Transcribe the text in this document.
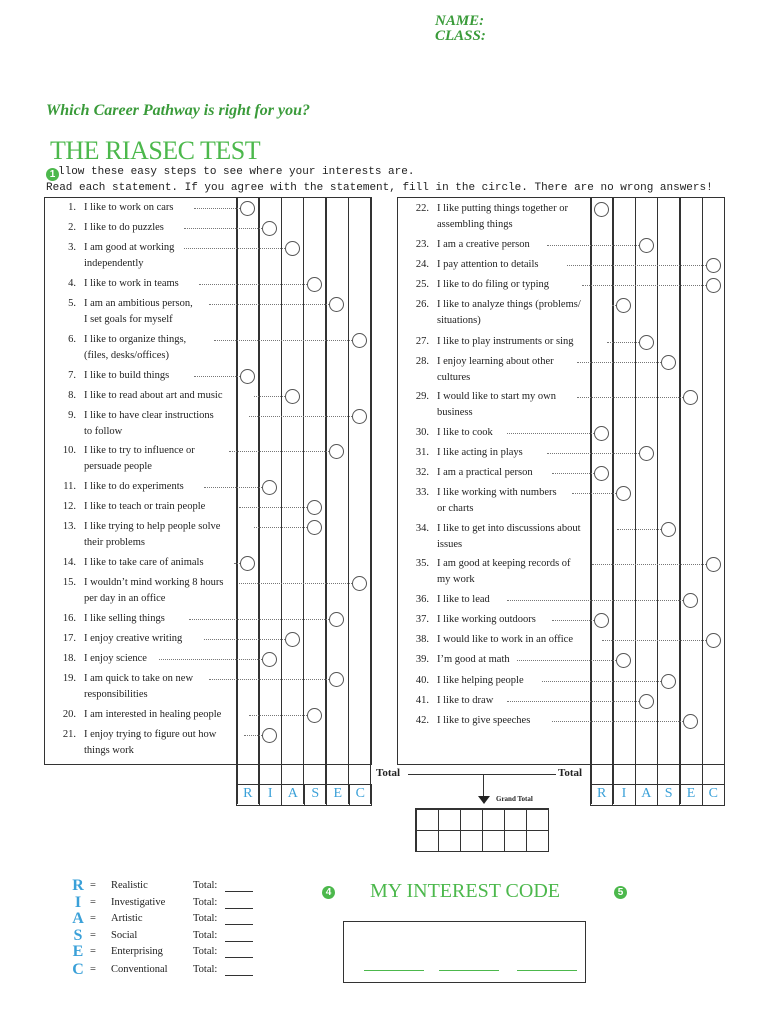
NAME:
CLASS:
Which Career Pathway is right for you?
THE RIASEC TEST
1 llow these easy steps to see where your interests are.
Read each statement. If you agree with the statement, fill in the circle. There are no wrong answers!
1. I like to work on cars
2. I like to do puzzles
3. I am good at working
independently
4. I like to work in teams
5. I am an ambitious person,
I set goals for myself
6. I like to organize things,
(files, desks/offices)
7. I like to build things
8. I like to read about art and music
9. I like to have clear instructions
to follow
10. I like to try to influence or
persuade people
11. I like to do experiments
12. I like to teach or train people
13. I like trying to help people solve
their problems
14. I like to take care of animals
15. I wouldn’t mind working 8 hours
per day in an office
16. I like selling things
17. I enjoy creative writing
18. I enjoy science
19. I am quick to take on new
responsibilities
20. I am interested in healing people
21. I enjoy trying to figure out how
things work
22. I like putting things together or
assembling things
23. I am a creative person
24. I pay attention to details
25. I like to do filing or typing
26. I like to analyze things (problems/
situations)
27. I like to play instruments or sing
28. I enjoy learning about other
cultures
29. I would like to start my own
business
30. I like to cook
31. I like acting in plays
32. I am a practical person
33. I like working with numbers
or charts
34. I like to get into discussions about
issues
35. I am good at keeping records of
my work
36. I like to lead
37. I like working outdoors
38. I would like to work in an office
39. I’m good at math
40. I like helping people
41. I like to draw
42. I like to give speeches
R	I	A S	E C	R	I	A S	E C
Total	Total
Grand Total
R = Realistic	Total:
I = Investigative	Total:
A = Artistic	Total:
S = Social	Total:
E = Enterprising	Total:
C = Conventional Total:
4 MY INTEREST CODE	5
